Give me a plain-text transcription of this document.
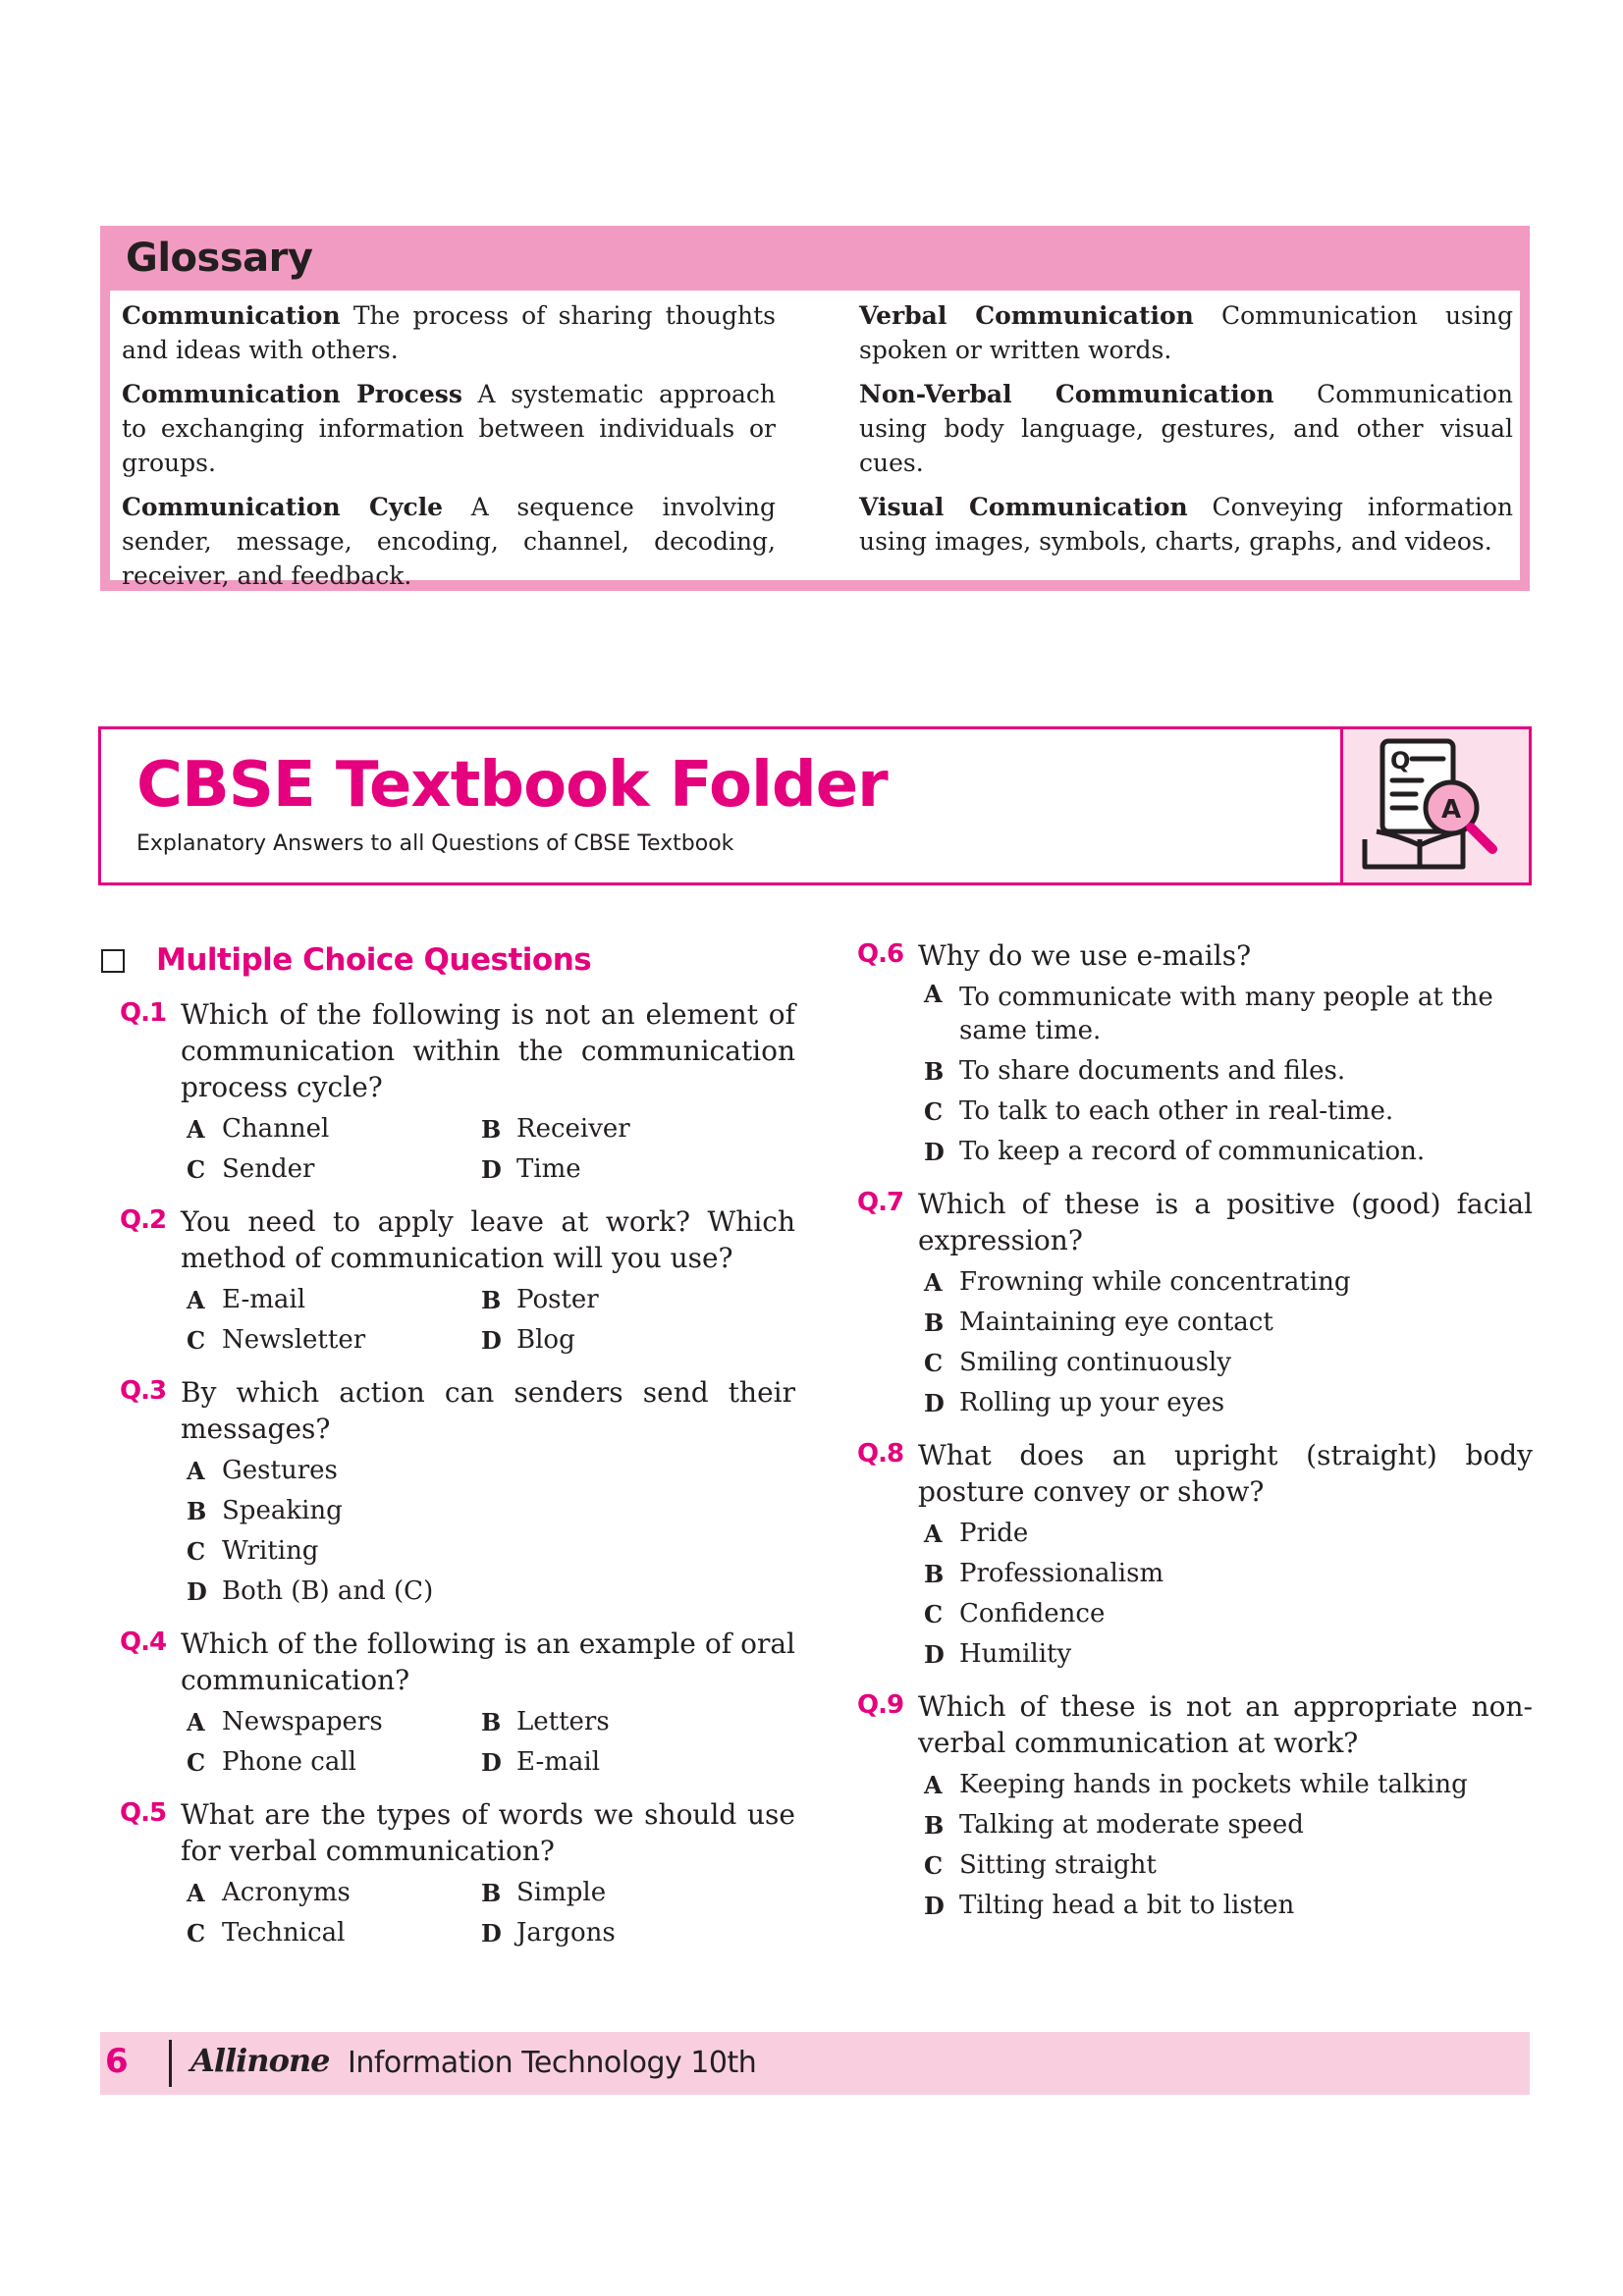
Glossary

Communication The process of sharing thoughts and ideas with others.

Communication Process A systematic approach to exchanging information between individuals or groups.

Communication Cycle A sequence involving sender, message, encoding, channel, decoding, receiver, and feedback.

Verbal Communication Communication using spoken or written words.

Non-Verbal Communication Communication using body language, gestures, and other visual cues.

Visual Communication Conveying information using images, symbols, charts, graphs, and videos.

CBSE Textbook Folder
Explanatory Answers to all Questions of CBSE Textbook
Q
A
Multiple Choice Questions
Q.1 Which of the following is not an element of communication within the communication process cycle?
A Channel	B Receiver
C Sender	D Time
Q.2 You need to apply leave at work? Which method of communication will you use?
A E-mail	B Poster
C Newsletter	D Blog
Q.3 By which action can senders send their messages?
A Gestures
B Speaking
C Writing
D Both (B) and (C)
Q.4 Which of the following is an example of oral communication?
A Newspapers	B Letters
C Phone call	D E-mail
Q.5 What are the types of words we should use for verbal communication?
A Acronyms	B Simple
C Technical	D Jargons
Q.6 Why do we use e-mails?
A To communicate with many people at the same time.
B To share documents and files.
C To talk to each other in real-time.
D To keep a record of communication.
Q.7 Which of these is a positive (good) facial expression?
A Frowning while concentrating
B Maintaining eye contact
C Smiling continuously
D Rolling up your eyes
Q.8 What does an upright (straight) body posture convey or show?
A Pride
B Professionalism
C Confidence
D Humility
Q.9 Which of these is not an appropriate non-verbal communication at work?
A Keeping hands in pockets while talking
B Talking at moderate speed
C Sitting straight
D Tilting head a bit to listen
6 Allinone Information Technology 10th
